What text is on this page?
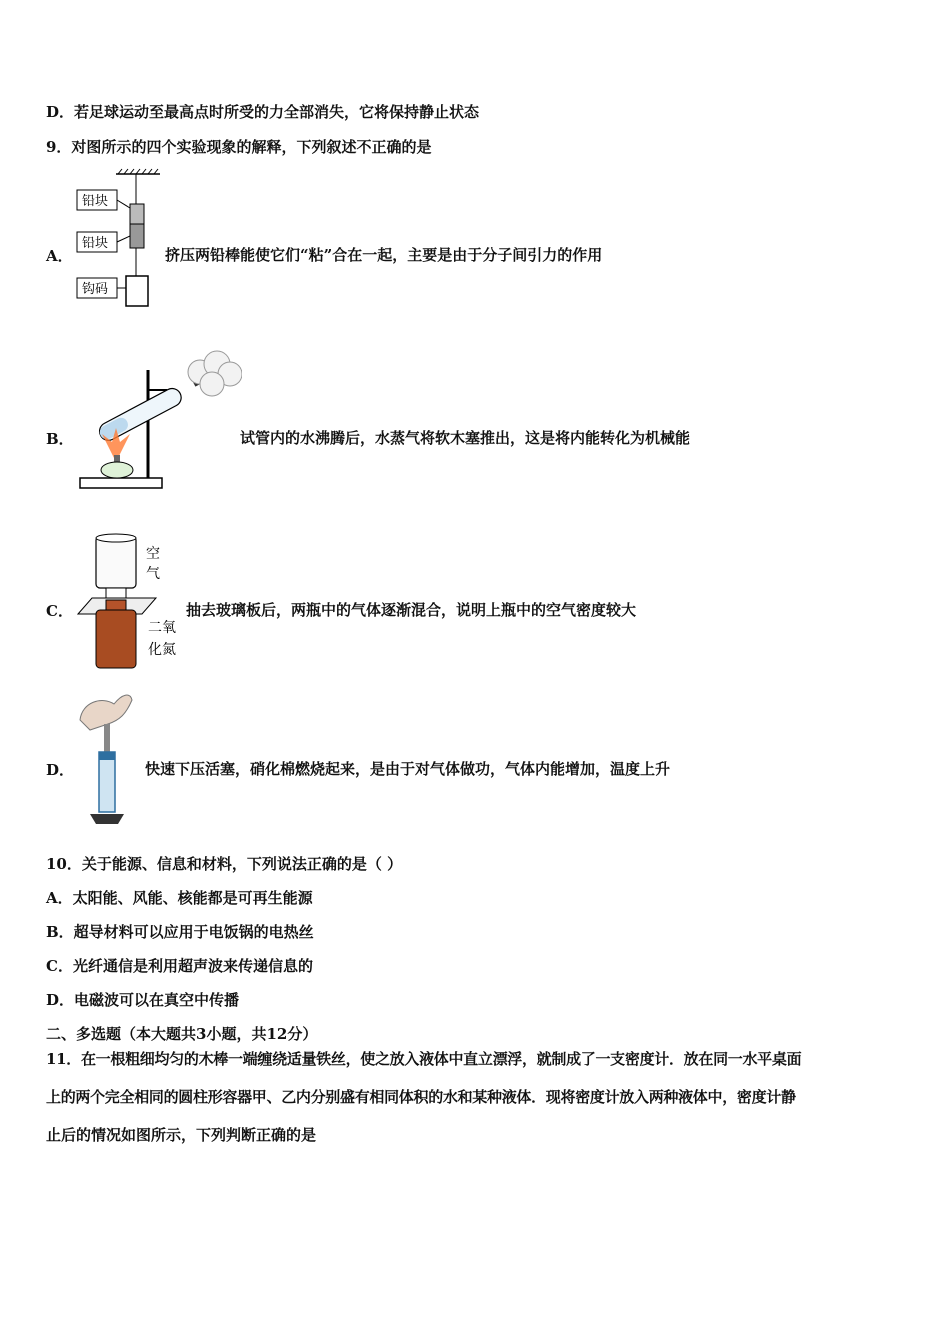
D．若足球运动至最高点时所受的力全部消失，它将保持静止状态
9．对图所示的四个实验现象的解释，下列叙述不正确的是
A．
铅块
铅块
钩码
挤压两铅棒能使它们“粘”合在一起，主要是由于分子间引力的作用
B．	试管内的水沸腾后，水蒸气将软木塞推出，这是将内能转化为机械能
C．
空
气
二氧
化氮
抽去玻璃板后，两瓶中的气体逐渐混合，说明上瓶中的空气密度较大
D．	快速下压活塞，硝化棉燃烧起来，是由于对气体做功，气体内能增加，温度上升
10．关于能源、信息和材料，下列说法正确的是（ ）
A．太阳能、风能、核能都是可再生能源
B．超导材料可以应用于电饭锅的电热丝
C．光纤通信是利用超声波来传递信息的
D．电磁波可以在真空中传播
二、多选题（本大题共3小题，共12分）
11．在一根粗细均匀的木棒一端缠绕适量铁丝，使之放入液体中直立漂浮，就制成了一支密度计．放在同一水平桌面
上的两个完全相同的圆柱形容器甲、乙内分别盛有相同体积的水和某种液体．现将密度计放入两种液体中，密度计静
止后的情况如图所示，下列判断正确的是
